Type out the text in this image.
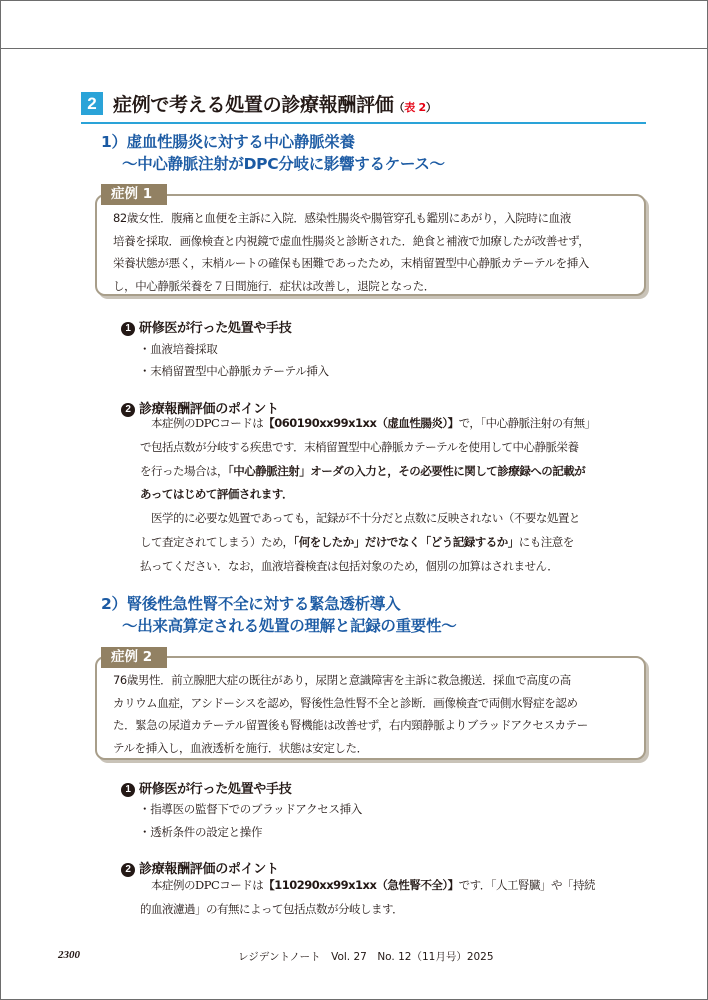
2 症例で考える処置の診療報酬評価（表 2）
1）虚血性腸炎に対する中心静脈栄養
〜中心静脈注射がDPC分岐に影響するケース〜
82歳女性．腹痛と血便を主訴に入院．感染性腸炎や腸管穿孔も鑑別にあがり，入院時に血液
培養を採取．画像検査と内視鏡で虚血性腸炎と診断された．絶食と補液で加療したが改善せず，
栄養状態が悪く，末梢ルートの確保も困難であったため，末梢留置型中心静脈カテーテルを挿入
し，中心静脈栄養を７日間施行．症状は改善し，退院となった．
症例 1
1 研修医が行った処置や手技
・血液培養採取
・末梢留置型中心静脈カテーテル挿入
2 診療報酬評価のポイント
　本症例のDPCコードは【060190xx99x1xx（虚血性腸炎）】で，「中心静脈注射の有無」
で包括点数が分岐する疾患です．末梢留置型中心静脈カテーテルを使用して中心静脈栄養
を行った場合は，「中心静脈注射」オーダの入力と，その必要性に関して診療録への記載が
あってはじめて評価されます．
　医学的に必要な処置であっても，記録が不十分だと点数に反映されない（不要な処置と
して査定されてしまう）ため，「何をしたか」だけでなく「どう記録するか」にも注意を
払ってください．なお，血液培養検査は包括対象のため，個別の加算はされません．
2）腎後性急性腎不全に対する緊急透析導入
〜出来高算定される処置の理解と記録の重要性〜
76歳男性．前立腺肥大症の既往があり，尿閉と意識障害を主訴に救急搬送．採血で高度の高
カリウム血症，アシドーシスを認め，腎後性急性腎不全と診断．画像検査で両側水腎症を認め
た．緊急の尿道カテーテル留置後も腎機能は改善せず，右内頸静脈よりブラッドアクセスカテー
テルを挿入し，血液透析を施行．状態は安定した．
症例 2
1 研修医が行った処置や手技
・指導医の監督下でのブラッドアクセス挿入
・透析条件の設定と操作
2 診療報酬評価のポイント
　本症例のDPCコードは【110290xx99x1xx（急性腎不全）】です．「人工腎臓」や「持続
的血液濾過」の有無によって包括点数が分岐します．
2300	レジデントノート　Vol. 27　No. 12（11月号）2025
